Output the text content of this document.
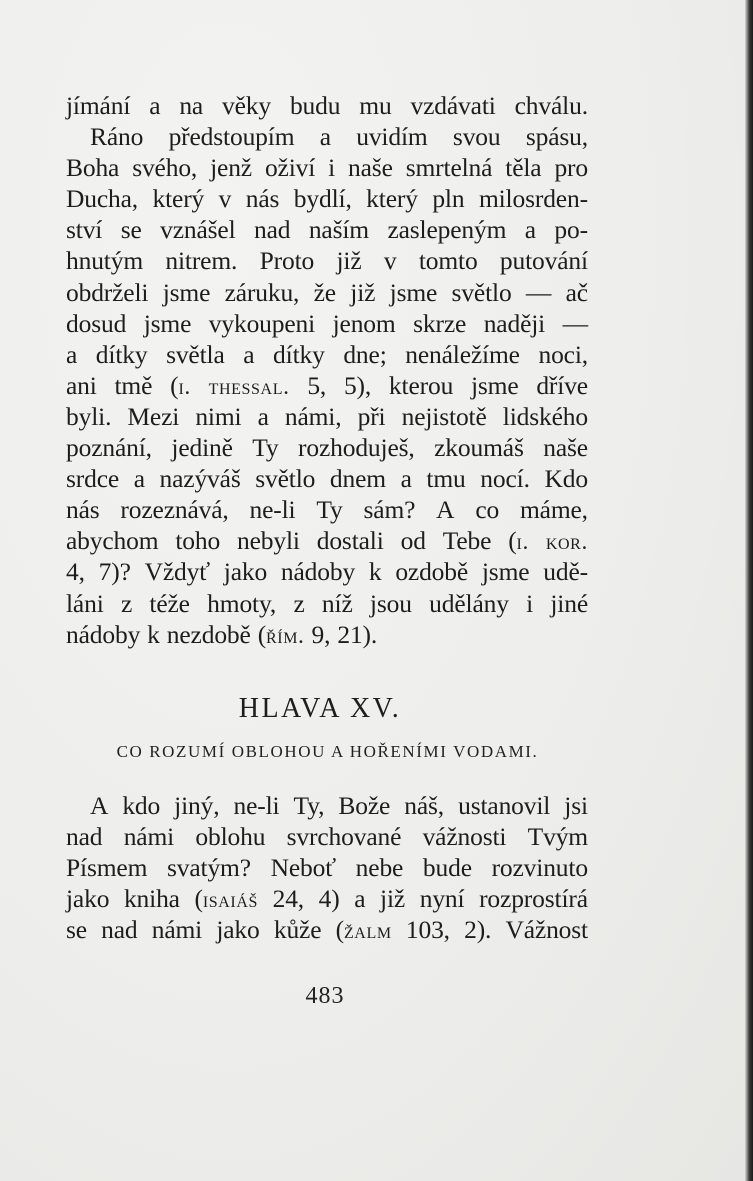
jímání a na věky budu mu vzdávati chválu.
Ráno předstoupím a uvidím svou spásu,
Boha svého, jenž oživí i naše smrtelná těla pro
Ducha, který v nás bydlí, který pln milosrden-
ství se vznášel nad naším zaslepeným a po-
hnutým nitrem. Proto již v tomto putování
obdrželi jsme záruku, že již jsme světlo — ač
dosud jsme vykoupeni jenom skrze naději —
a dítky světla a dítky dne; nenáležíme noci,
ani tmě (i. thessal. 5, 5), kterou jsme dříve
byli. Mezi nimi a námi, při nejistotě lidského
poznání, jedině Ty rozhoduješ, zkoumáš naše
srdce a nazýváš světlo dnem a tmu nocí. Kdo
nás rozeznává, ne-li Ty sám? A co máme,
abychom toho nebyli dostali od Tebe (i. kor.
4, 7)? Vždyť jako nádoby k ozdobě jsme udě-
láni z téže hmoty, z níž jsou udělány i jiné
nádoby k nezdobě (řím. 9, 21).
HLAVA XV.
CO ROZUMÍ OBLOHOU A HOŘENÍMI VODAMI.
A kdo jiný, ne-li Ty, Bože náš, ustanovil jsi
nad námi oblohu svrchované vážnosti Tvým
Písmem svatým? Neboť nebe bude rozvinuto
jako kniha (isaiáš 24, 4) a již nyní rozprostírá
se nad námi jako kůže (žalm 103, 2). Vážnost
483
